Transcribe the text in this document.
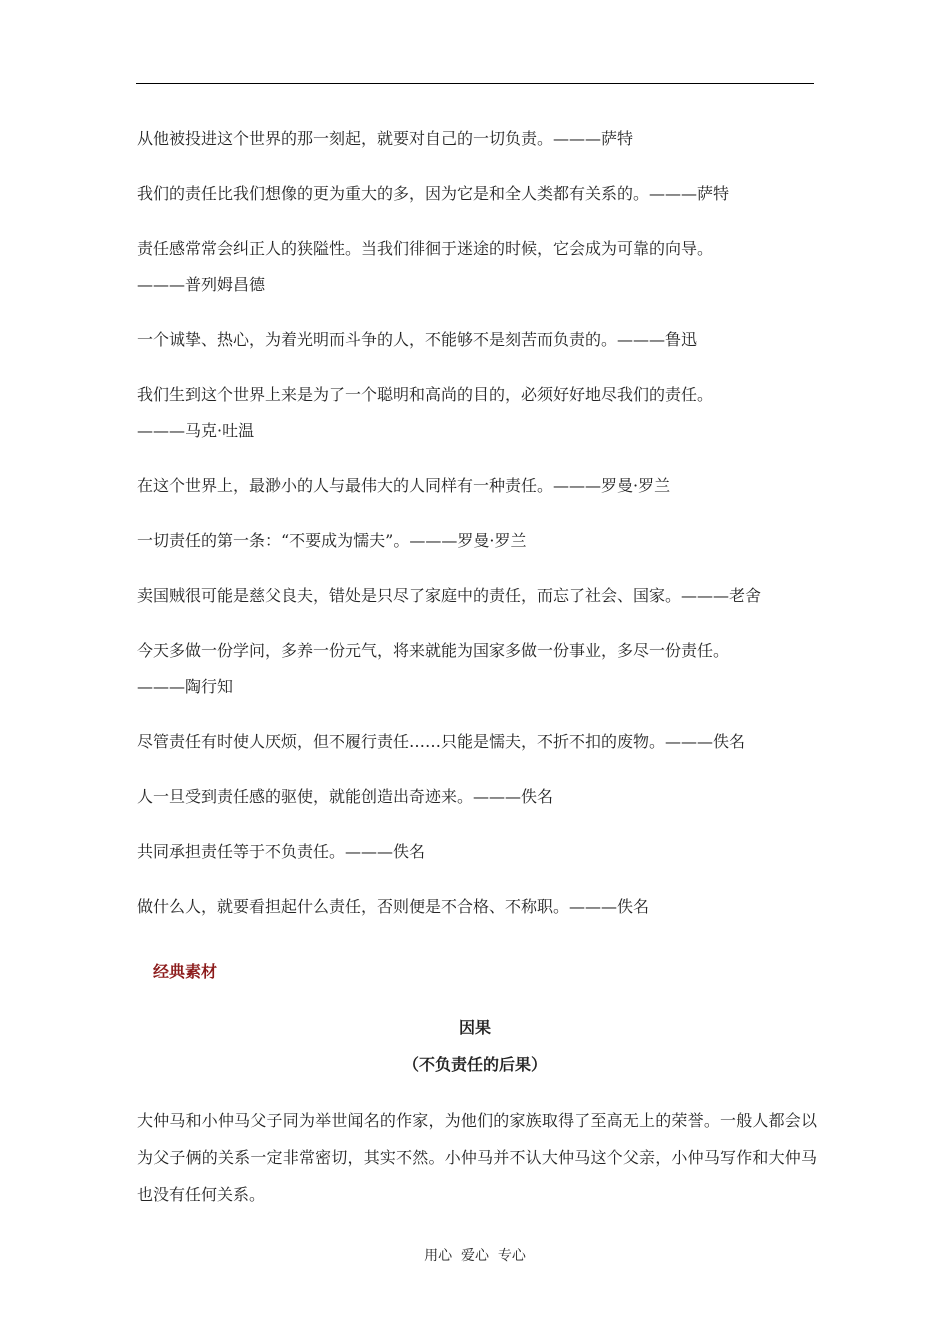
从他被投进这个世界的那一刻起，就要对自己的一切负责。———萨特

我们的责任比我们想像的更为重大的多，因为它是和全人类都有关系的。———萨特

责任感常常会纠正人的狭隘性。当我们徘徊于迷途的时候，它会成为可靠的向导。
———普列姆昌德

一个诚挚、热心，为着光明而斗争的人，不能够不是刻苦而负责的。———鲁迅

我们生到这个世界上来是为了一个聪明和高尚的目的，必须好好地尽我们的责任。
———马克·吐温

在这个世界上，最渺小的人与最伟大的人同样有一种责任。———罗曼·罗兰

一切责任的第一条：“不要成为懦夫”。———罗曼·罗兰

卖国贼很可能是慈父良夫，错处是只尽了家庭中的责任，而忘了社会、国家。———老舍

今天多做一份学问，多养一份元气，将来就能为国家多做一份事业，多尽一份责任。
———陶行知

尽管责任有时使人厌烦，但不履行责任……只能是懦夫，不折不扣的废物。———佚名

人一旦受到责任感的驱使，就能创造出奇迹来。———佚名

共同承担责任等于不负责任。———佚名

做什么人，就要看担起什么责任，否则便是不合格、不称职。———佚名

经典素材
因果
（不负责任的后果）

大仲马和小仲马父子同为举世闻名的作家，为他们的家族取得了至高无上的荣誉。一般人都会以为父子俩的关系一定非常密切，其实不然。小仲马并不认大仲马这个父亲，小仲马写作和大仲马也没有任何关系。

用心  爱心  专心
